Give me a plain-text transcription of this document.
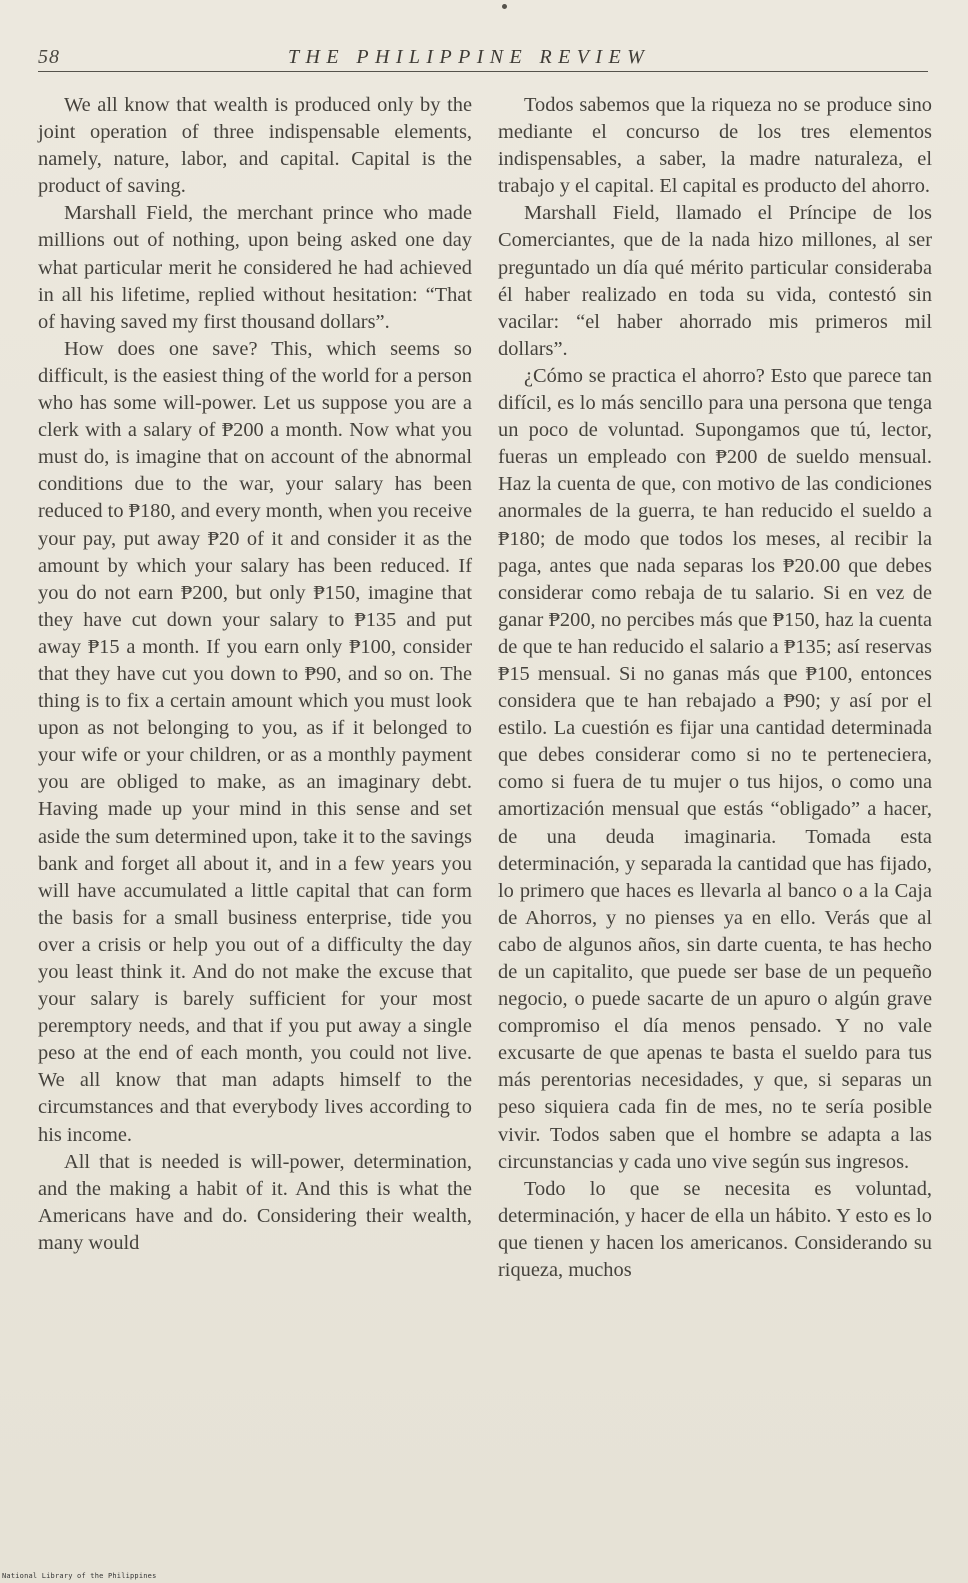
58	THE PHILIPPINE REVIEW

We all know that wealth is produced only by the joint operation of three indispensable elements, namely, nature, labor, and capital. Capital is the product of saving.

Marshall Field, the merchant prince who made millions out of nothing, upon being asked one day what particular merit he considered he had achieved in all his lifetime, replied without hesitation: “That of having saved my first thousand dollars”.

How does one save? This, which seems so difficult, is the easiest thing of the world for a person who has some will-power. Let us suppose you are a clerk with a salary of ₱200 a month. Now what you must do, is imagine that on account of the abnormal conditions due to the war, your salary has been reduced to ₱180, and every month, when you receive your pay, put away ₱20 of it and consider it as the amount by which your salary has been reduced. If you do not earn ₱200, but only ₱150, imagine that they have cut down your salary to ₱135 and put away ₱15 a month. If you earn only ₱100, consider that they have cut you down to ₱90, and so on. The thing is to fix a certain amount which you must look upon as not belonging to you, as if it belonged to your wife or your children, or as a monthly payment you are obliged to make, as an imaginary debt. Having made up your mind in this sense and set aside the sum determined upon, take it to the savings bank and forget all about it, and in a few years you will have accumulated a little capital that can form the basis for a small business enterprise, tide you over a crisis or help you out of a difficulty the day you least think it. And do not make the excuse that your salary is barely sufficient for your most peremptory needs, and that if you put away a single peso at the end of each month, you could not live. We all know that man adapts himself to the circumstances and that everybody lives according to his income.

All that is needed is will-power, determination, and the making a habit of it. And this is what the Americans have and do. Considering their wealth, many would

Todos sabemos que la riqueza no se produce sino mediante el concurso de los tres elementos indispensables, a saber, la madre naturaleza, el trabajo y el capital. El capital es producto del ahorro.

Marshall Field, llamado el Príncipe de los Comerciantes, que de la nada hizo millones, al ser preguntado un día qué mérito particular consideraba él haber realizado en toda su vida, contestó sin vacilar: “el haber ahorrado mis primeros mil dollars”.

¿Cómo se practica el ahorro? Esto que parece tan difícil, es lo más sencillo para una persona que tenga un poco de voluntad. Supongamos que tú, lector, fueras un empleado con ₱200 de sueldo mensual. Haz la cuenta de que, con motivo de las condiciones anormales de la guerra, te han reducido el sueldo a ₱180; de modo que todos los meses, al recibir la paga, antes que nada separas los ₱20.00 que debes considerar como rebaja de tu salario. Si en vez de ganar ₱200, no percibes más que ₱150, haz la cuenta de que te han reducido el salario a ₱135; así reservas ₱15 mensual. Si no ganas más que ₱100, entonces considera que te han rebajado a ₱90; y así por el estilo. La cuestión es fijar una cantidad determinada que debes considerar como si no te perteneciera, como si fuera de tu mujer o tus hijos, o como una amortización mensual que estás “obligado” a hacer, de una deuda imaginaria. Tomada esta determinación, y separada la cantidad que has fijado, lo primero que haces es llevarla al banco o a la Caja de Ahorros, y no pienses ya en ello. Verás que al cabo de algunos años, sin darte cuenta, te has hecho de un capitalito, que puede ser base de un pequeño negocio, o puede sacarte de un apuro o algún grave compromiso el día menos pensado. Y no vale excusarte de que apenas te basta el sueldo para tus más perentorias necesidades, y que, si separas un peso siquiera cada fin de mes, no te sería posible vivir. Todos saben que el hombre se adapta a las circunstancias y cada uno vive según sus ingresos.

Todo lo que se necesita es voluntad, determinación, y hacer de ella un hábito. Y esto es lo que tienen y hacen los americanos. Considerando su riqueza, muchos

National Library of the Philippines
